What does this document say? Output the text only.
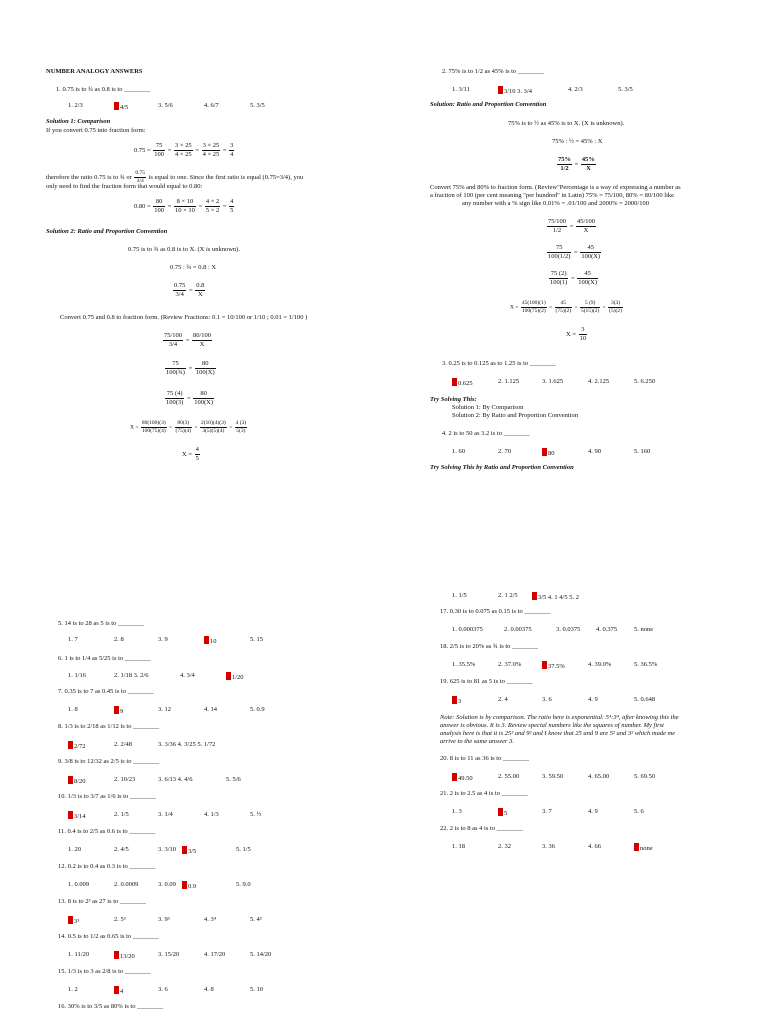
NUMBER ANALOGY ANSWERS
1. 0.75 is to ¾ as 0.8 is to ________
1. 2/3	4/5	3. 5/6	4. 6/7	5. 3/5
Solution 1: Comparison
If you convert 0.75 into fraction form:
$0.75 = \frac{75}{100} = \frac{3 \times 25}{4 \times 25} = \frac{3 \times 25}{4 \times 25} = \frac{3}{4}$
therefore the ratio 0.75 is to ¾ or $\frac{0.75}{3/4}$ is equal to one. Since the first ratio is equal (0.75=3/4), you
only need to find the fraction form that would equal to 0.80:
$0.80 = \frac{80}{100} = \frac{8 \times 10}{10 \times 10} = \frac{4 \times 2}{5 \times 2} = \frac{4}{5}$
Solution 2: Ratio and Proportion Convention
0.75 is to ¾ as 0.8 is to X. (X is unknown).
0.75 : ¾ = 0.8 : X
$\frac{0.75}{3/4} = \frac{0.8}{X}$
Convert 0.75 and 0.8 to fraction form. (Review Fractions: 0.1 = 10/100 or 1/10 ; 0.01 = 1/100 )
$\frac{75/100}{3/4} = \frac{80/100}{X}$
$\frac{75}{\text{100(¾)}} = \frac{80}{100(X)}$
$\frac{75 (4)}{100(3)} = \frac{80}{100(X)}$
$X = \frac{80(100)(3)}{100(75)(4)} = \frac{80(3)}{(75)(4)} = \frac{2(10)(4)(3)}{3(5)(5)(4)} = \frac{4 (3)}{5(3)}$
$X = \frac{4}{5}$
2. 75% is to 1/2 as 45% is to ________
1. 3/11	3/10 3. 3/4	4. 2/3	5. 3/5
Solution: Ratio and Proportion Convention
75% is to ½ as 45% is to X. (X is unknown).
75% : ½ = 45% : X
$\frac{75\%}{1/2} = \frac{45\%}{X}$
Convert 75% and 80% to fraction form. (Review"Percentage is a way of expressing a number as
a fraction of 100 (per cent meaning "per hundred" in Latin) 75% = 75/100, 80% = 80/100 like
any number with a % sign like 0.01% = .01/100 and 2000% = 2000/100
$\frac{75/100}{1/2} = \frac{45/100}{X}$
$\frac{75}{100(1/2)} = \frac{45}{100(X)}$
$\frac{75 (2)}{100(1)} = \frac{45}{100(X)}$
$X = \frac{45(100)(1)}{100(75)(2)} = \frac{45}{(75)(2)} = \frac{5 (9)}{5(15)(2)} = \frac{3(3)}{(5)(2)}$
$X = \frac{3}{10}$
3. 0.25 is to 0.125 as to 1.25 is to ________
0.625	2. 1.125	3. 1.625	4. 2.125	5. 6.250
Try Solving This:
Solution 1: By Comparison
Solution 2: By Ratio and Proportion Convention
4. 2 is to 50 as 3.2 is to ________
1. 60	2. 70	80	4. 90	5. 160
Try Solving This by Ratio and Proportion Convention
5. 14 is to 28 as 5 is to ________
1. 7	2. 8	3. 9	10	5. 15
6. 1 is to 1/4 as 5/25 is to ________
1. 1/16	2. 1/18 3. 2/6	4. 3/4	1/20
7. 0.35 is to 7 as 0.45 is to ________
1. 8	9	3. 12	4. 14	5. 0.9
8. 1/3 is to 2/18 as 1/12 is to ________
2/72	2. 2/48	3. 3/36 4. 3/25 5. 1/72
9. 3/8 is to 12/32 as 2/5 is to ________
8/20	2. 10/23	3. 6/13 4. 4/6	5. 5/6
10. 1/3 is to 3/7 as 1/6 is to ________
3/14	2. 1/5	3. 1/4	4. 1/3	5. ½
11. 0.4 is to 2/5 as 0.6 is to ________
1. 20	2. 4/5	3. 3/10	3/5	5. 1/5
12. 0.2 is to 0.4 as 0.3 is to ________
1. 0.009	2. 0.0009	3. 0.09	0.9	5. 9.0
13. 8 is to 2³ as 27 is to ________
3³	2. 5³	3. 9³	4. 3⁴	5. 4³
14. 0.5 is to 1/2 as 0.65 is to ________
1. 11/20	13/20	3. 15/20	4. 17/20	5. 14/20
15. 1/3 is to 3 as 2/8 is to ________
1. 2	4	3. 6	4. 8	5. 10
16. 30% is to 3/5 as 80% is to ________
1. 1/5	2. 1 2/5	3/5 4. 1 4/5 5. 2
17. 0.30 is to 0.075 as 0.15 is to ________
1. 0.000375	2. 0.00375	3. 0.0375 4. 0.375	5. none
18. 2/5 is to 20% as ¾ is to ________
1. 35.5%	2. 37.0%	37.5%	4. 39.0%	5. 36.5%
19. 625 is to 81 as 5 is to ________
3	2. 4	3. 6	4. 9	5. 0.648
Note: Solution is by comparison. The ratio here is exponential: 5⁴:3⁴, after knowing this the
answer is obvious. It is 3. Review special numbers like the squares of number. My first
analysis here is that it is 25² and 9² and I know that 25 and 9 are 5² and 3² which made me
arrive to the same answer 3.
20. 8 is to 11 as 36 is to ________
49.50	2. 55.00	3. 59.50	4. 65.00	5. 69.50
21. 2 is to 2.5 as 4 is to ________
1. 3	5	3. 7	4. 9	5. 6
22. 2 is to 8 as 4 is to ________
1. 18	2. 32	3. 36	4. 66	none
